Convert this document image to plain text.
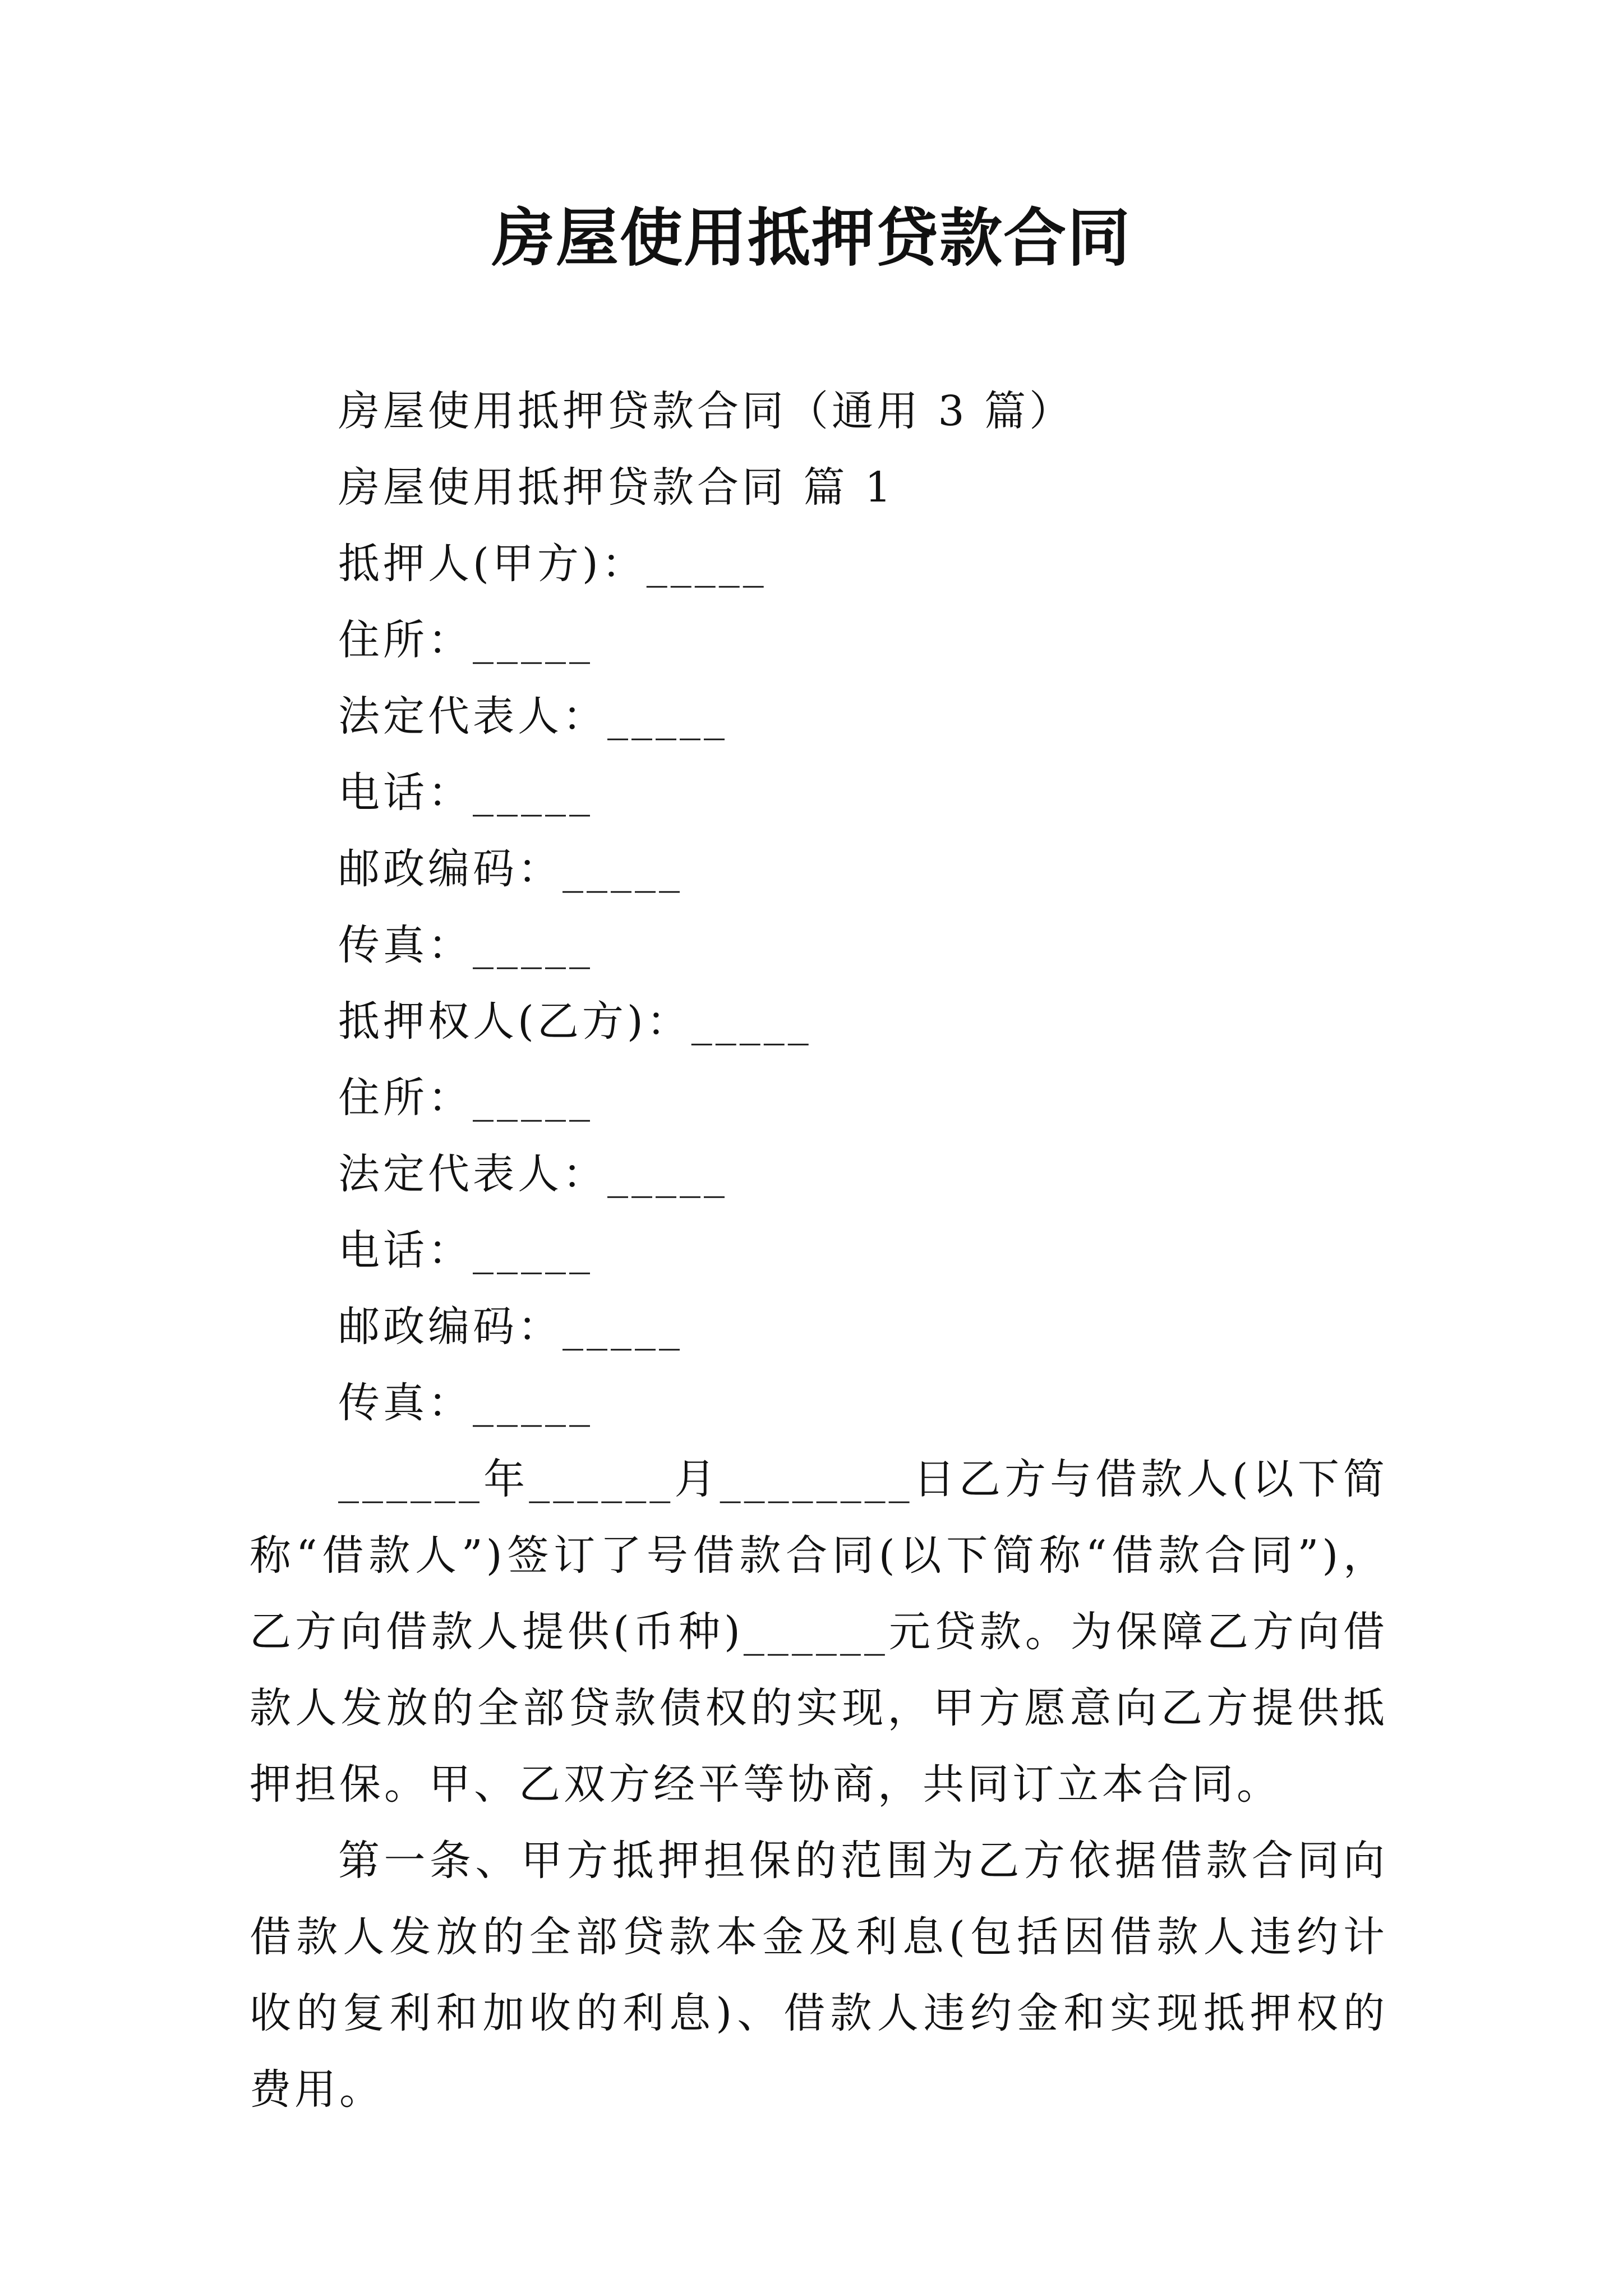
房屋使用抵押贷款合同

房屋使用抵押贷款合同（通用 3 篇）

房屋使用抵押贷款合同 篇 1

抵押人(甲方)：_____

住所：_____

法定代表人：_____

电话：_____

邮政编码：_____

传真：_____

抵押权人(乙方)：_____

住所：_____

法定代表人：_____

电话：_____

邮政编码：_____

传真：_____

______年______月________日乙方与借款人(以下简称“借款人”)签订了号借款合同(以下简称“借款合同”)，乙方向借款人提供(币种)______元贷款。为保障乙方向借款人发放的全部贷款债权的实现，甲方愿意向乙方提供抵押担保。甲、乙双方经平等协商，共同订立本合同。

第一条、甲方抵押担保的范围为乙方依据借款合同向借款人发放的全部贷款本金及利息(包括因借款人违约计收的复利和加收的利息)、借款人违约金和实现抵押权的费用。
